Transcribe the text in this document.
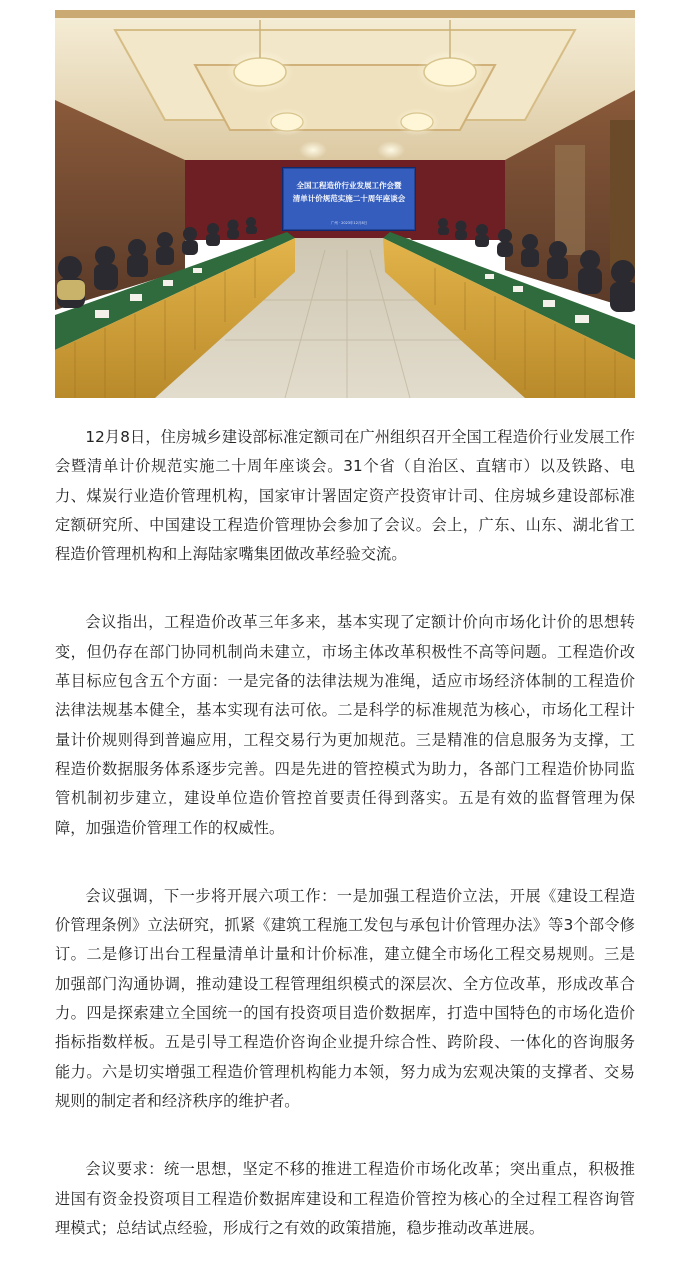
全国工程造价行业发展工作会暨
清单计价规范实施二十周年座谈会
广州 · 2023年12月8日

12月8日，住房城乡建设部标准定额司在广州组织召开全国工程造价行业发展工作会暨清单计价规范实施二十周年座谈会。31个省（自治区、直辖市）以及铁路、电力、煤炭行业造价管理机构，国家审计署固定资产投资审计司、住房城乡建设部标准定额研究所、中国建设工程造价管理协会参加了会议。会上，广东、山东、湖北省工程造价管理机构和上海陆家嘴集团做改革经验交流。

会议指出，工程造价改革三年多来，基本实现了定额计价向市场化计价的思想转变，但仍存在部门协同机制尚未建立，市场主体改革积极性不高等问题。工程造价改革目标应包含五个方面：一是完备的法律法规为准绳，适应市场经济体制的工程造价法律法规基本健全，基本实现有法可依。二是科学的标准规范为核心，市场化工程计量计价规则得到普遍应用，工程交易行为更加规范。三是精准的信息服务为支撑，工程造价数据服务体系逐步完善。四是先进的管控模式为助力，各部门工程造价协同监管机制初步建立，建设单位造价管控首要责任得到落实。五是有效的监督管理为保障，加强造价管理工作的权威性。

会议强调，下一步将开展六项工作：一是加强工程造价立法，开展《建设工程造价管理条例》立法研究，抓紧《建筑工程施工发包与承包计价管理办法》等3个部令修订。二是修订出台工程量清单计量和计价标准，建立健全市场化工程交易规则。三是加强部门沟通协调，推动建设工程管理组织模式的深层次、全方位改革，形成改革合力。四是探索建立全国统一的国有投资项目造价数据库，打造中国特色的市场化造价指标指数样板。五是引导工程造价咨询企业提升综合性、跨阶段、一体化的咨询服务能力。六是切实增强工程造价管理机构能力本领，努力成为宏观决策的支撑者、交易规则的制定者和经济秩序的维护者。

会议要求：统一思想，坚定不移的推进工程造价市场化改革；突出重点，积极推进国有资金投资项目工程造价数据库建设和工程造价管控为核心的全过程工程咨询管理模式；总结试点经验，形成行之有效的政策措施，稳步推动改革进展。
